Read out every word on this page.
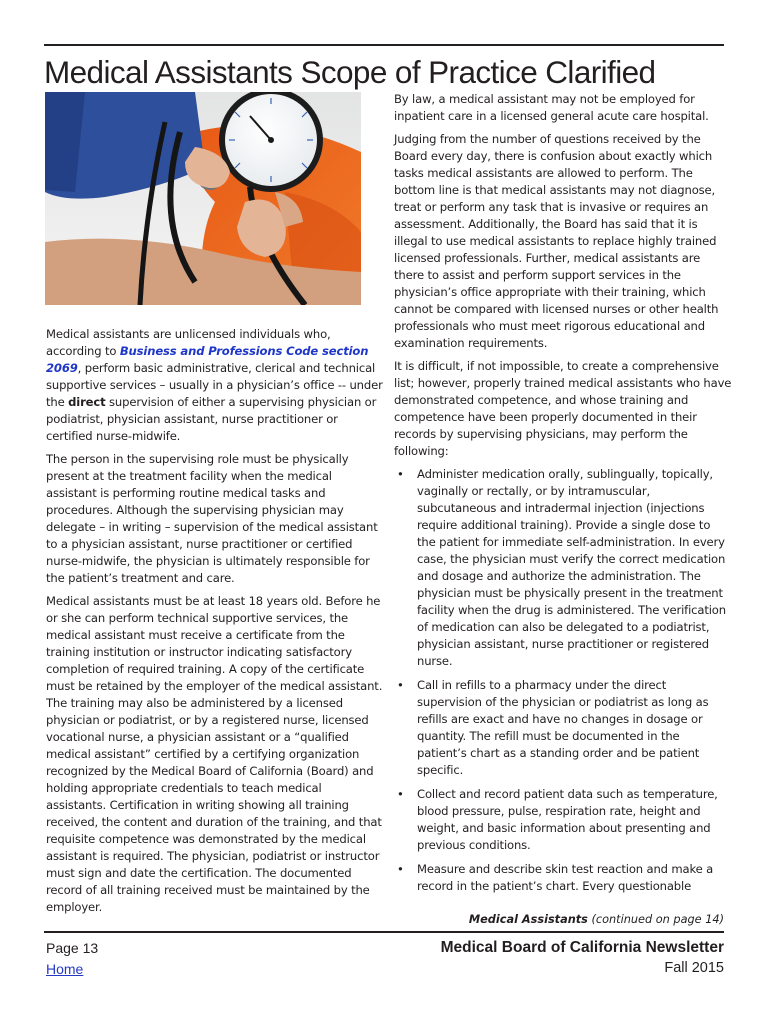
Medical Assistants Scope of Practice Clarified

Medical assistants are unlicensed individuals who, according to Business and Professions Code section 2069, perform basic administrative, clerical and technical supportive services – usually in a physician’s office -- under the direct supervision of either a supervising physician or podiatrist, physician assistant, nurse practitioner or certified nurse-midwife.

The person in the supervising role must be physically present at the treatment facility when the medical assistant is performing routine medical tasks and procedures. Although the supervising physician may delegate – in writing – supervision of the medical assistant to a physician assistant, nurse practitioner or certified nurse-midwife, the physician is ultimately responsible for the patient’s treatment and care.

Medical assistants must be at least 18 years old. Before he or she can perform technical supportive services, the medical assistant must receive a certificate from the training institution or instructor indicating satisfactory completion of required training. A copy of the certificate must be retained by the employer of the medical assistant. The training may also be administered by a licensed physician or podiatrist, or by a registered nurse, licensed vocational nurse, a physician assistant or a “qualified medical assistant” certified by a certifying organization recognized by the Medical Board of California (Board) and holding appropriate credentials to teach medical assistants. Certification in writing showing all training received, the content and duration of the training, and that requisite competence was demonstrated by the medical assistant is required. The physician, podiatrist or instructor must sign and date the certification. The documented record of all training received must be maintained by the employer.

By law, a medical assistant may not be employed for inpatient care in a licensed general acute care hospital.

Judging from the number of questions received by the Board every day, there is confusion about exactly which tasks medical assistants are allowed to perform. The bottom line is that medical assistants may not diagnose, treat or perform any task that is invasive or requires an assessment. Additionally, the Board has said that it is illegal to use medical assistants to replace highly trained licensed professionals. Further, medical assistants are there to assist and perform support services in the physician’s office appropriate with their training, which cannot be compared with licensed nurses or other health professionals who must meet rigorous educational and examination requirements.

It is difficult, if not impossible, to create a comprehensive list; however, properly trained medical assistants who have demonstrated competence, and whose training and competence have been properly documented in their records by supervising physicians, may perform the following:

• Administer medication orally, sublingually, topically, vaginally or rectally, or by intramuscular, subcutaneous and intradermal injection (injections require additional training). Provide a single dose to the patient for immediate self-administration. In every case, the physician must verify the correct medication and dosage and authorize the administration. The physician must be physically present in the treatment facility when the drug is administered. The verification of medication can also be delegated to a podiatrist, physician assistant, nurse practitioner or registered nurse.
• Call in refills to a pharmacy under the direct supervision of the physician or podiatrist as long as refills are exact and have no changes in dosage or quantity. The refill must be documented in the patient’s chart as a standing order and be patient specific.
• Collect and record patient data such as temperature, blood pressure, pulse, respiration rate, height and weight, and basic information about presenting and previous conditions.
• Measure and describe skin test reaction and make a record in the patient’s chart. Every questionable
Medical Assistants (continued on page 14)
Page 13
Home
Medical Board of California Newsletter
Fall 2015
